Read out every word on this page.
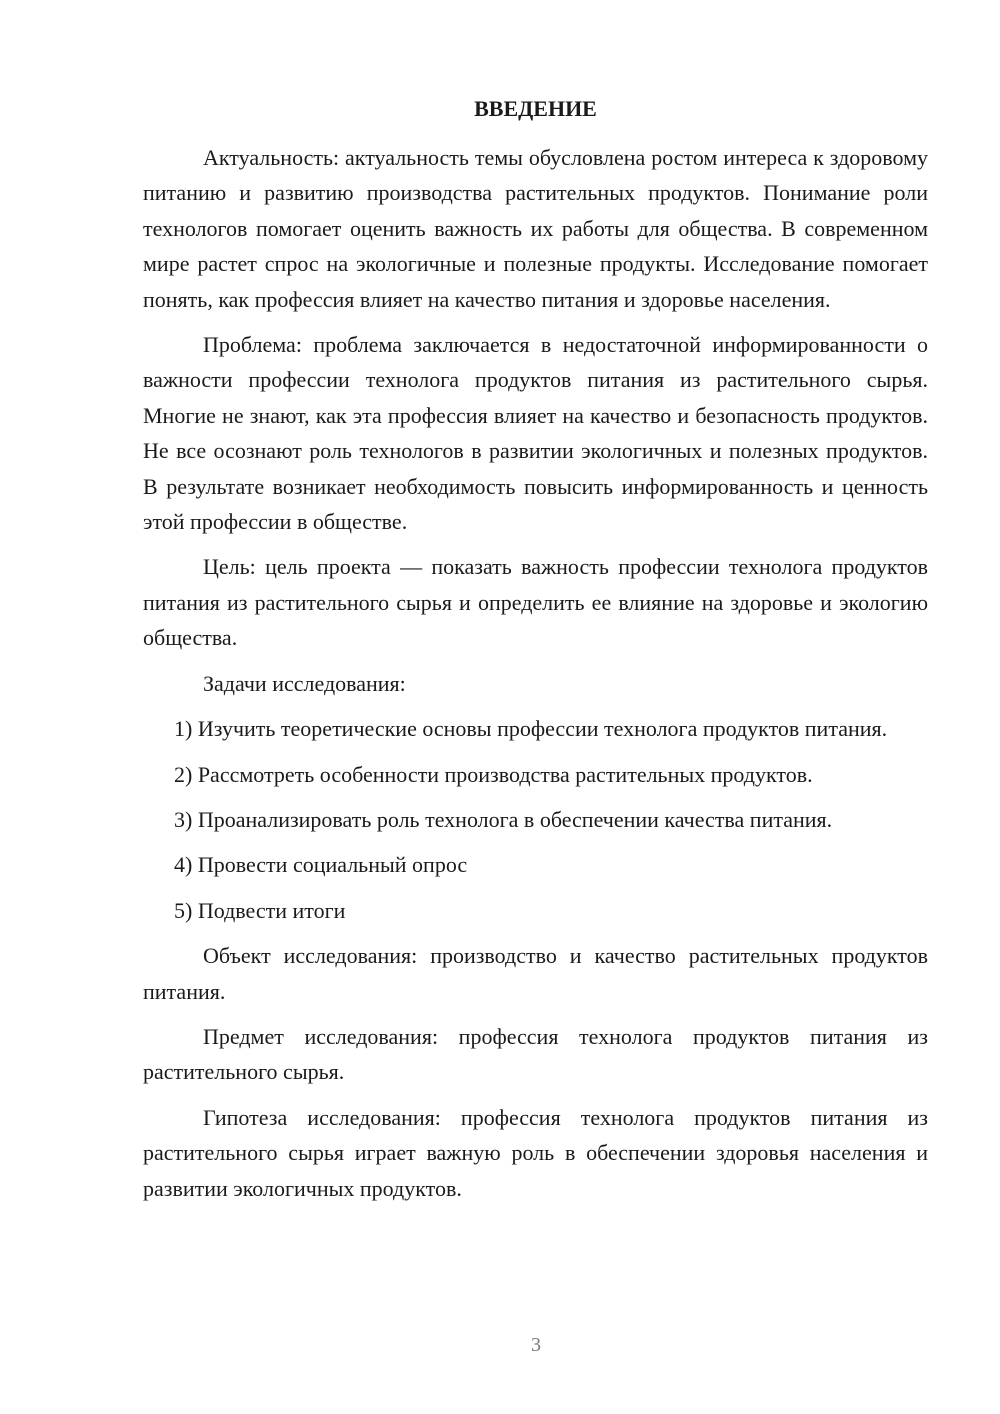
ВВЕДЕНИЕ

Актуальность: актуальность темы обусловлена ростом интереса к здоровому питанию и развитию производства растительных продуктов. Понимание роли технологов помогает оценить важность их работы для общества. В современном мире растет спрос на экологичные и полезные продукты. Исследование помогает понять, как профессия влияет на качество питания и здоровье населения.

Проблема: проблема заключается в недостаточной информированности о важности профессии технолога продуктов питания из растительного сырья. Многие не знают, как эта профессия влияет на качество и безопасность продуктов. Не все осознают роль технологов в развитии экологичных и полезных продуктов. В результате возникает необходимость повысить информированность и ценность этой профессии в обществе.

Цель: цель проекта — показать важность профессии технолога продуктов питания из растительного сырья и определить ее влияние на здоровье и экологию общества.

Задачи исследования:

1) Изучить теоретические основы профессии технолога продуктов питания.

2) Рассмотреть особенности производства растительных продуктов.

3) Проанализировать роль технолога в обеспечении качества питания.

4) Провести социальный опрос

5) Подвести итоги

Объект исследования: производство и качество растительных продуктов питания.

Предмет исследования: профессия технолога продуктов питания из растительного сырья.

Гипотеза исследования: профессия технолога продуктов питания из растительного сырья играет важную роль в обеспечении здоровья населения и развитии экологичных продуктов.

3
